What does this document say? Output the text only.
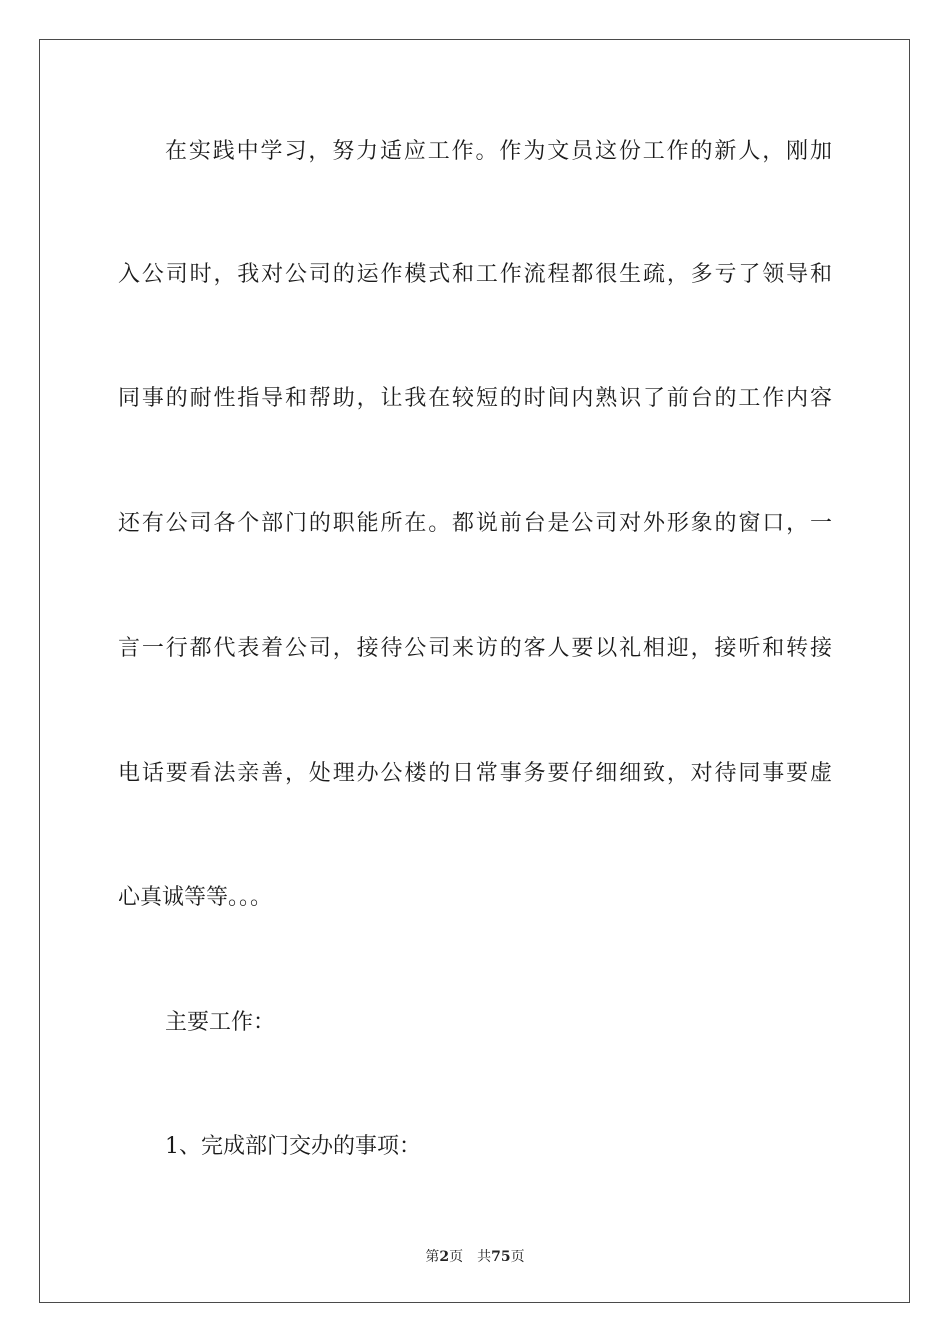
在实践中学习，努力适应工作。作为文员这份工作的新人，刚加
入公司时，我对公司的运作模式和工作流程都很生疏，多亏了领导和
同事的耐性指导和帮助，让我在较短的时间内熟识了前台的工作内容
还有公司各个部门的职能所在。都说前台是公司对外形象的窗口，一
言一行都代表着公司，接待公司来访的客人要以礼相迎，接听和转接
电话要看法亲善，处理办公楼的日常事务要仔细细致，对待同事要虚
心真诚等等。。。
主要工作：
1、完成部门交办的事项：
第2页 共75页
